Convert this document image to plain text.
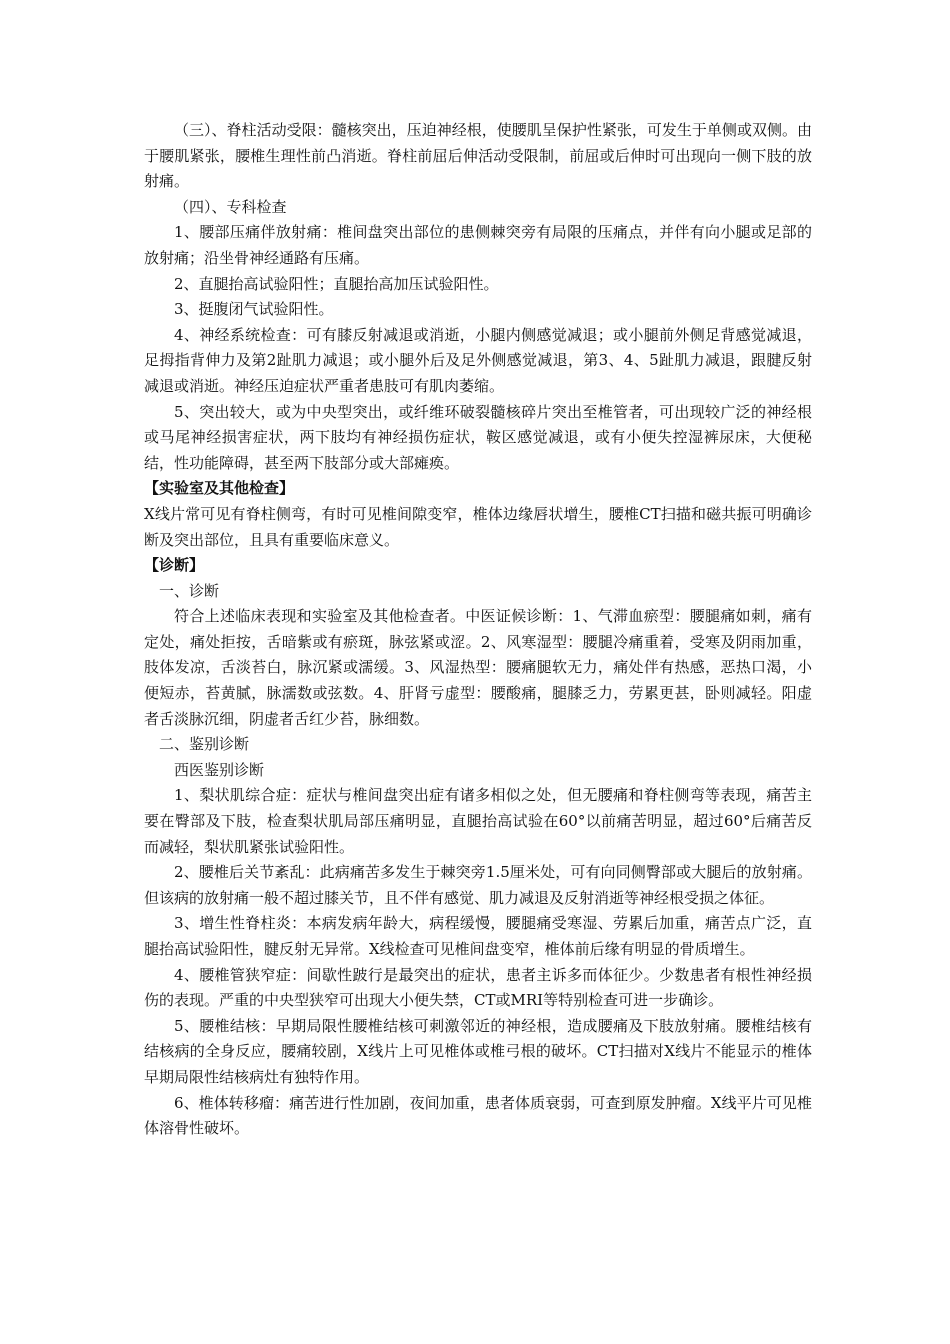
（三）、脊柱活动受限：髓核突出，压迫神经根，使腰肌呈保护性紧张，可发生于单侧或双侧。由于腰肌紧张，腰椎生理性前凸消逝。脊柱前屈后伸活动受限制，前屈或后伸时可出现向一侧下肢的放射痛。

（四）、专科检查

1、腰部压痛伴放射痛：椎间盘突出部位的患侧棘突旁有局限的压痛点，并伴有向小腿或足部的放射痛；沿坐骨神经通路有压痛。

2、直腿抬高试验阳性；直腿抬高加压试验阳性。

3、挺腹闭气试验阳性。

4、神经系统检查：可有膝反射减退或消逝，小腿内侧感觉减退；或小腿前外侧足背感觉减退，足拇指背伸力及第2趾肌力减退；或小腿外后及足外侧感觉减退，第3、4、5趾肌力减退，跟腱反射减退或消逝。神经压迫症状严重者患肢可有肌肉萎缩。

5、突出较大，或为中央型突出，或纤维环破裂髓核碎片突出至椎管者，可出现较广泛的神经根或马尾神经损害症状，两下肢均有神经损伤症状，鞍区感觉减退，或有小便失控湿裤尿床，大便秘结，性功能障碍，甚至两下肢部分或大部瘫痪。

【实验室及其他检查】

X线片常可见有脊柱侧弯，有时可见椎间隙变窄，椎体边缘唇状增生，腰椎CT扫描和磁共振可明确诊断及突出部位，且具有重要临床意义。

【诊断】

一、诊断

符合上述临床表现和实验室及其他检查者。中医证候诊断：1、气滞血瘀型：腰腿痛如刺，痛有定处，痛处拒按，舌暗紫或有瘀斑，脉弦紧或涩。2、风寒湿型：腰腿冷痛重着，受寒及阴雨加重，肢体发凉，舌淡苔白，脉沉紧或濡缓。3、风湿热型：腰痛腿软无力，痛处伴有热感，恶热口渴，小便短赤，苔黄腻，脉濡数或弦数。4、肝肾亏虚型：腰酸痛，腿膝乏力，劳累更甚，卧则减轻。阳虚者舌淡脉沉细，阴虚者舌红少苔，脉细数。

二、鉴别诊断

西医鉴别诊断

1、梨状肌综合症：症状与椎间盘突出症有诸多相似之处，但无腰痛和脊柱侧弯等表现，痛苦主要在臀部及下肢，检查梨状肌局部压痛明显，直腿抬高试验在60°以前痛苦明显，超过60°后痛苦反而减轻，梨状肌紧张试验阳性。

2、腰椎后关节紊乱：此病痛苦多发生于棘突旁1.5厘米处，可有向同侧臀部或大腿后的放射痛。但该病的放射痛一般不超过膝关节，且不伴有感觉、肌力减退及反射消逝等神经根受损之体征。

3、增生性脊柱炎：本病发病年龄大，病程缓慢，腰腿痛受寒湿、劳累后加重，痛苦点广泛，直腿抬高试验阳性，腱反射无异常。X线检查可见椎间盘变窄，椎体前后缘有明显的骨质增生。

4、腰椎管狭窄症：间歇性跛行是最突出的症状，患者主诉多而体征少。少数患者有根性神经损伤的表现。严重的中央型狭窄可出现大小便失禁，CT或MRI等特别检查可进一步确诊。

5、腰椎结核：早期局限性腰椎结核可刺激邻近的神经根，造成腰痛及下肢放射痛。腰椎结核有结核病的全身反应，腰痛较剧，X线片上可见椎体或椎弓根的破坏。CT扫描对X线片不能显示的椎体早期局限性结核病灶有独特作用。

6、椎体转移瘤：痛苦进行性加剧，夜间加重，患者体质衰弱，可查到原发肿瘤。X线平片可见椎体溶骨性破坏。
